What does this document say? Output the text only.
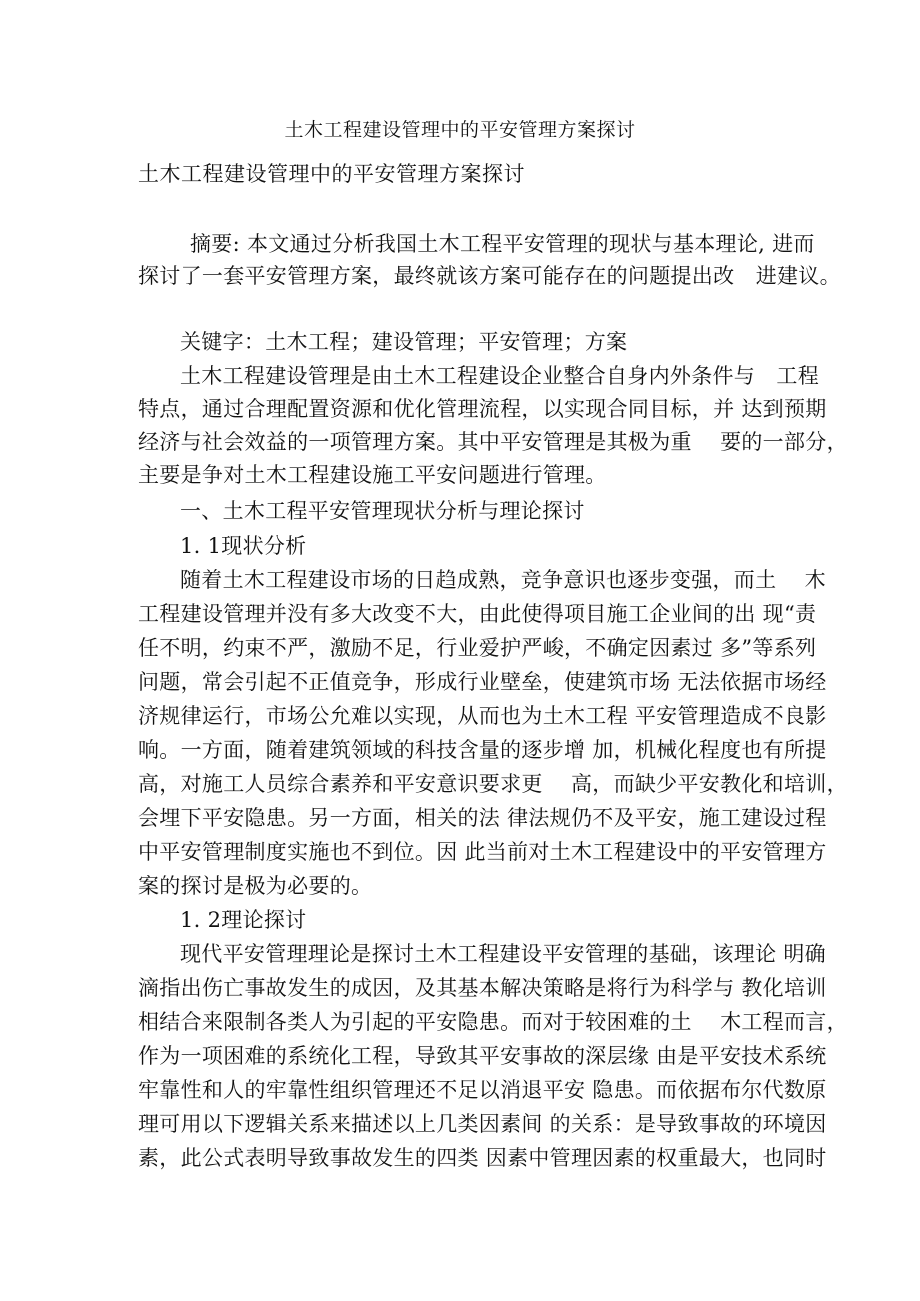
土木工程建设管理中的平安管理方案探讨
土木工程建设管理中的平安管理方案探讨
摘要: 本文通过分析我国土木工程平安管理的现状与基本理论, 进而
探讨了一套平安管理方案，最终就该方案可能存在的问题提出改　进建议。
关键字：土木工程；建设管理；平安管理；方案
土木工程建设管理是由土木工程建设企业整合自身内外条件与　工程
特点，通过合理配置资源和优化管理流程，以实现合同目标，并 达到预期
经济与社会效益的一项管理方案。其中平安管理是其极为重　 要的一部分，
主要是争对土木工程建设施工平安问题进行管理。
一、土木工程平安管理现状分析与理论探讨
1. 1现状分析
随着土木工程建设市场的日趋成熟，竞争意识也逐步变强，而土　 木
工程建设管理并没有多大改变不大，由此使得项目施工企业间的出 现“责
任不明，约束不严，激励不足，行业爱护严峻，不确定因素过 多”等系列
问题，常会引起不正值竞争，形成行业壁垒，使建筑市场 无法依据市场经
济规律运行，市场公允难以实现，从而也为土木工程 平安管理造成不良影
响。一方面，随着建筑领域的科技含量的逐步增 加，机械化程度也有所提
高，对施工人员综合素养和平安意识要求更　 高，而缺少平安教化和培训，
会埋下平安隐患。另一方面，相关的法 律法规仍不及平安，施工建设过程
中平安管理制度实施也不到位。因 此当前对土木工程建设中的平安管理方
案的探讨是极为必要的。
1. 2理论探讨
现代平安管理理论是探讨土木工程建设平安管理的基础，该理论 明确
滴指出伤亡事故发生的成因，及其基本解决策略是将行为科学与 教化培训
相结合来限制各类人为引起的平安隐患。而对于较困难的土　 木工程而言，
作为一项困难的系统化工程，导致其平安事故的深层缘 由是平安技术系统
牢靠性和人的牢靠性组织管理还不足以消退平安 隐患。而依据布尔代数原
理可用以下逻辑关系来描述以上几类因素间 的关系：是导致事故的环境因
素，此公式表明导致事故发生的四类 因素中管理因素的权重最大，也同时
